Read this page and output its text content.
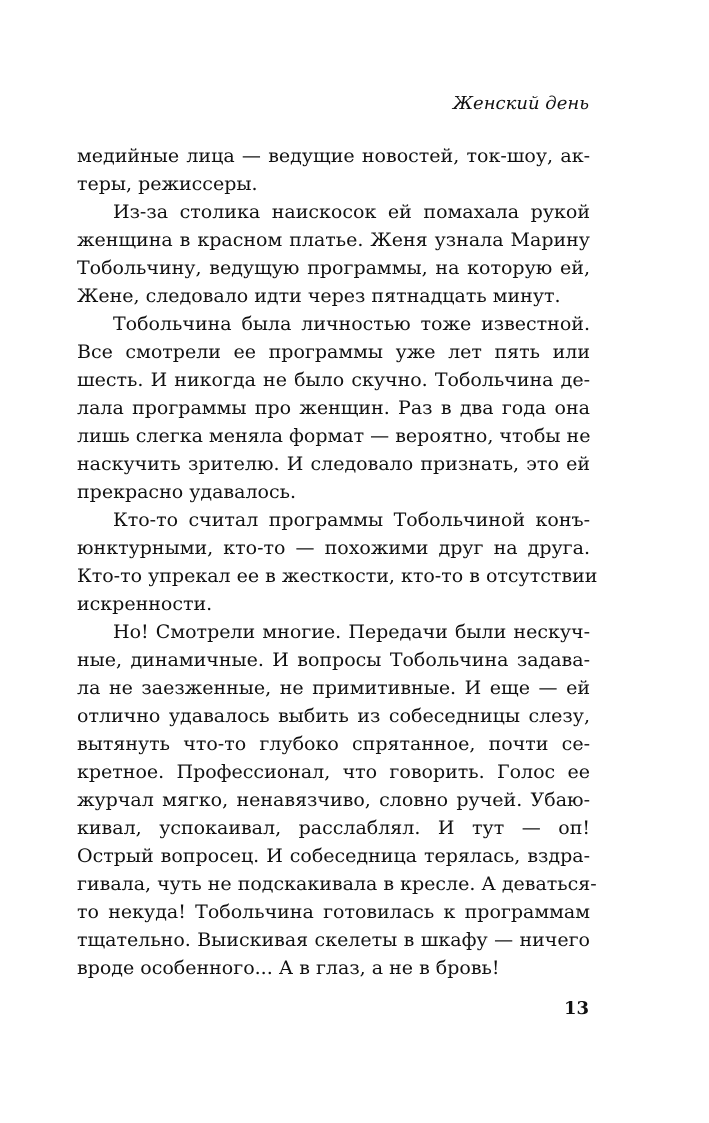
Женский день

медийные лица — ведущие новостей, ток-шоу, ак-
теры, режиссеры.
Из-за столика наискосок ей помахала рукой
женщина в красном платье. Женя узнала Марину
Тобольчину, ведущую программы, на которую ей,
Жене, следовало идти через пятнадцать минут.
Тобольчина была личностью тоже известной.
Все смотрели ее программы уже лет пять или
шесть. И никогда не было скучно. Тобольчина де-
лала программы про женщин. Раз в два года она
лишь слегка меняла формат — вероятно, чтобы не
наскучить зрителю. И следовало признать, это ей
прекрасно удавалось.
Кто-то считал программы Тобольчиной конъ-
юнктурными, кто-то — похожими друг на друга.
Кто-то упрекал ее в жесткости, кто-то в отсутствии
искренности.
Но! Смотрели многие. Передачи были нескуч-
ные, динамичные. И вопросы Тобольчина задава-
ла не заезженные, не примитивные. И еще — ей
отлично удавалось выбить из собеседницы слезу,
вытянуть что-то глубоко спрятанное, почти се-
кретное. Профессионал, что говорить. Голос ее
журчал мягко, ненавязчиво, словно ручей. Убаю-
кивал, успокаивал, расслаблял. И тут — оп!
Острый вопросец. И собеседница терялась, вздра-
гивала, чуть не подскакивала в кресле. А деваться-
то некуда! Тобольчина готовилась к программам
тщательно. Выискивая скелеты в шкафу — ничего
вроде особенного... А в глаз, а не в бровь!

13
